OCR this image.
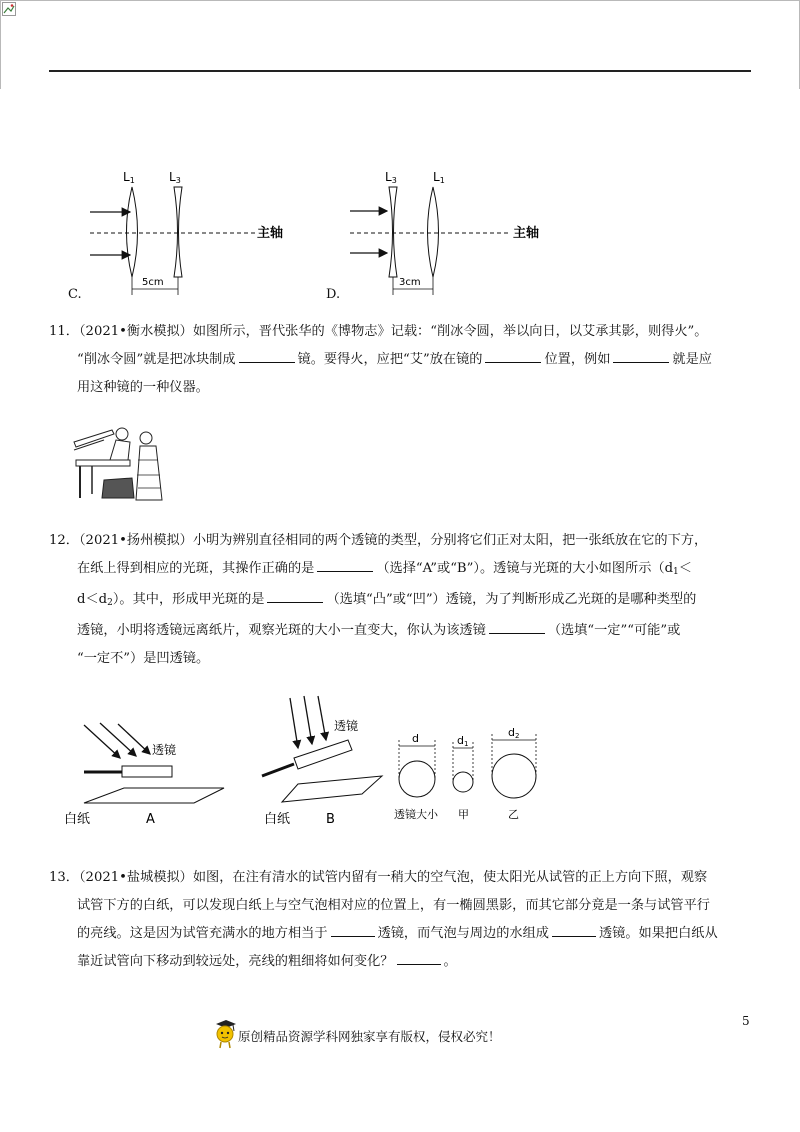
L1	L3
主轴
5cm
C.
L3	L1
主轴
3cm
D.
11．（2021•衡水模拟）如图所示，晋代张华的《博物志》记载：“削冰令圆，举以向日，以艾承其影，则得火”。
“削冰令圆”就是把冰块制成	镜。要得火，应把“艾”放在镜的	位置，例如	就是应
用这种镜的一种仪器。
12．（2021•扬州模拟）小明为辨别直径相同的两个透镜的类型，分别将它们正对太阳，把一张纸放在它的下方，
在纸上得到相应的光斑，其操作正确的是	（选择“A”或“B”）。透镜与光斑的大小如图所示（$d_1<$
$d<d_2$）。其中，形成甲光斑的是	（选填“凸”或“凹”）透镜，为了判断形成乙光斑的是哪种类型的
透镜，小明将透镜远离纸片，观察光斑的大小一直变大，你认为该透镜	（选填“一定”“可能”或
“一定不”）是凹透镜。
透镜
白纸	A
透镜
白纸	B
d	d1
d2
透镜大小 甲	乙
13．（2021•盐城模拟）如图，在注有清水的试管内留有一稍大的空气泡，使太阳光从试管的正上方向下照，观察
试管下方的白纸，可以发现白纸上与空气泡相对应的位置上，有一椭圆黑影，而其它部分竟是一条与试管平行
的亮线。这是因为试管充满水的地方相当于	透镜，而气泡与周边的水组成	透镜。如果把白纸从
靠近试管向下移动到较远处，亮线的粗细将如何变化？	。
5
原创精品资源学科网独家享有版权，侵权必究！
